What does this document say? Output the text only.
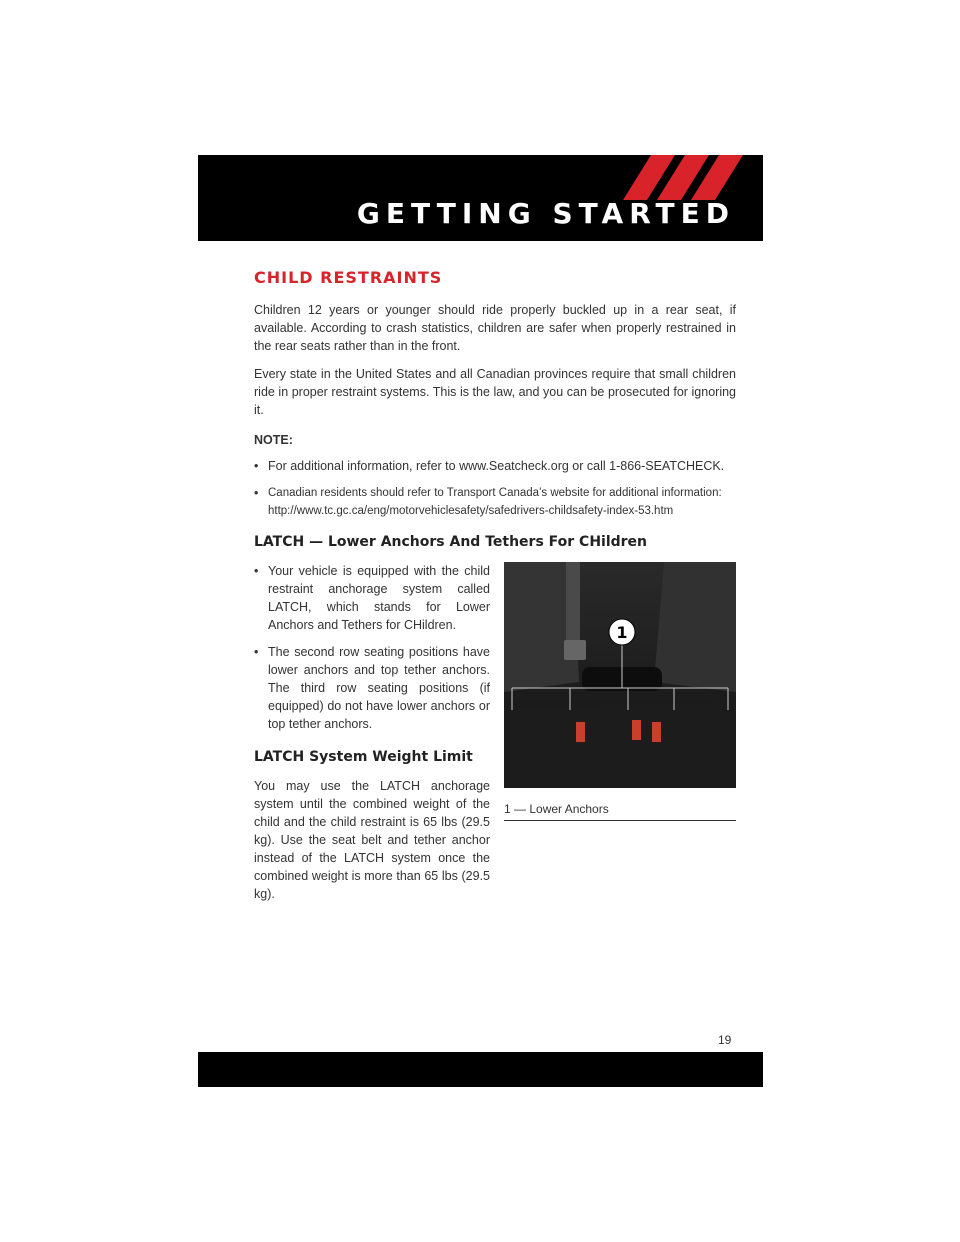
GETTING STARTED
CHILD RESTRAINTS

Children 12 years or younger should ride properly buckled up in a rear seat, if available. According to crash statistics, children are safer when properly restrained in the rear seats rather than in the front.

Every state in the United States and all Canadian provinces require that small children ride in proper restraint systems. This is the law, and you can be prosecuted for ignoring it.

NOTE:
• For additional information, refer to www.Seatcheck.org or call 1-866-SEATCHECK.
• Canadian residents should refer to Transport Canada’s website for additional information: http://www.tc.gc.ca/eng/motorvehiclesafety/safedrivers-childsafety-index-53.htm
LATCH — Lower Anchors And Tethers For CHildren
• Your vehicle is equipped with the child restraint anchorage system called LATCH, which stands for Lower Anchors and Tethers for CHildren.
• The second row seating positions have lower anchors and top tether anchors. The third row seating positions (if equipped) do not have lower anchors or top tether anchors.
LATCH System Weight Limit

You may use the LATCH anchorage system until the combined weight of the child and the child restraint is 65 lbs (29.5 kg). Use the seat belt and tether anchor instead of the LATCH system once the combined weight is more than 65 lbs (29.5 kg).

1
1 — Lower Anchors
19
